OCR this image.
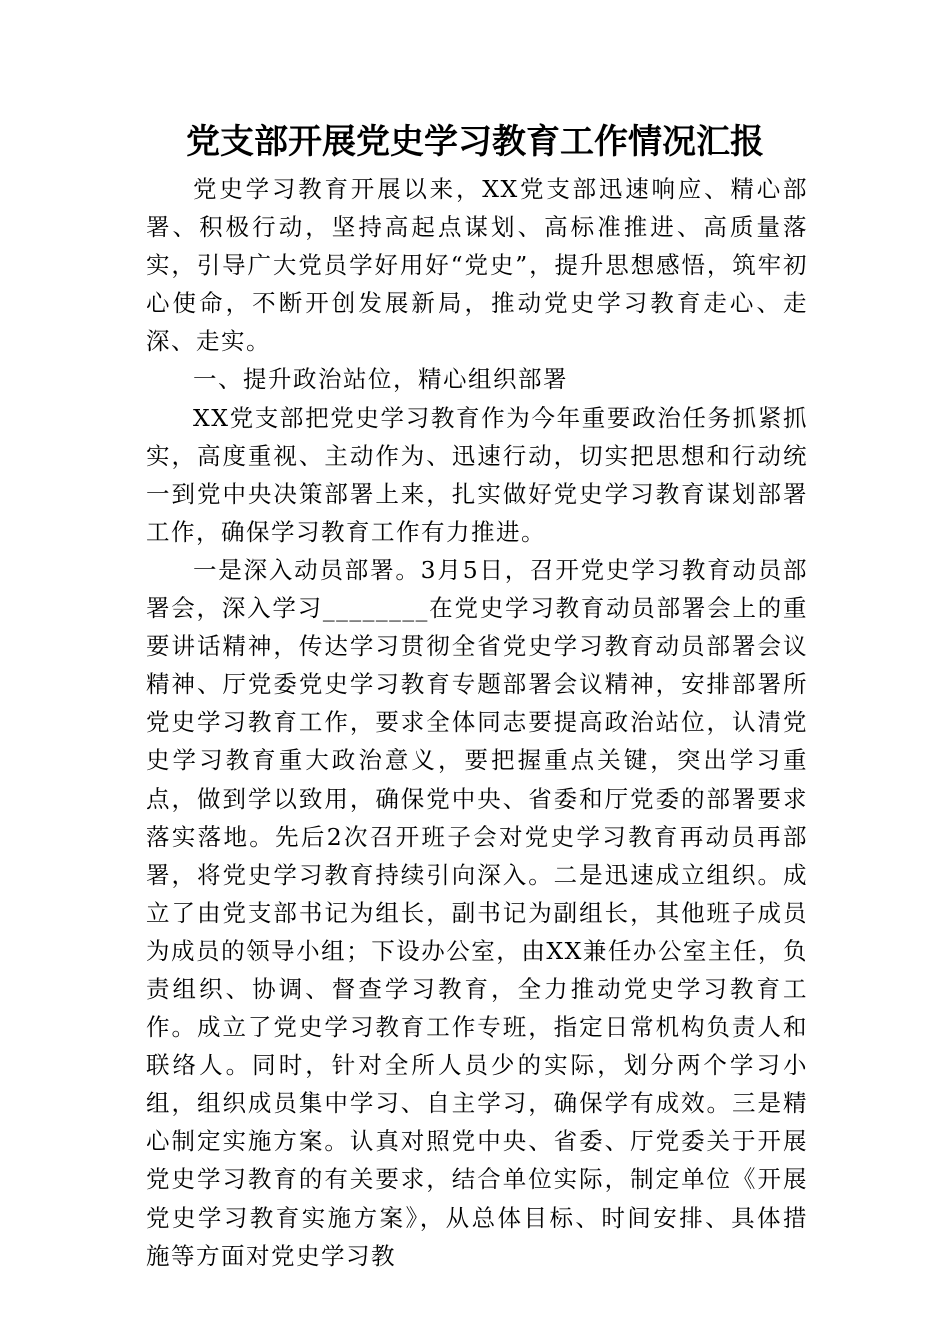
党支部开展党史学习教育工作情况汇报

党史学习教育开展以来，XX党支部迅速响应、精心部署、积极行动，坚持高起点谋划、高标准推进、高质量落实，引导广大党员学好用好“党史”，提升思想感悟，筑牢初心使命，不断开创发展新局，推动党史学习教育走心、走深、走实。

一、提升政治站位，精心组织部署

XX党支部把党史学习教育作为今年重要政治任务抓紧抓实，高度重视、主动作为、迅速行动，切实把思想和行动统一到党中央决策部署上来，扎实做好党史学习教育谋划部署工作，确保学习教育工作有力推进。

一是深入动员部署。3月5日，召开党史学习教育动员部署会，深入学习________在党史学习教育动员部署会上的重要讲话精神，传达学习贯彻全省党史学习教育动员部署会议精神、厅党委党史学习教育专题部署会议精神，安排部署所党史学习教育工作，要求全体同志要提高政治站位，认清党史学习教育重大政治意义，要把握重点关键，突出学习重点，做到学以致用，确保党中央、省委和厅党委的部署要求落实落地。先后2次召开班子会对党史学习教育再动员再部署，将党史学习教育持续引向深入。二是迅速成立组织。成立了由党支部书记为组长，副书记为副组长，其他班子成员为成员的领导小组；下设办公室，由XX兼任办公室主任，负责组织、协调、督查学习教育，全力推动党史学习教育工作。成立了党史学习教育工作专班，指定日常机构负责人和联络人。同时，针对全所人员少的实际，划分两个学习小组，组织成员集中学习、自主学习，确保学有成效。三是精心制定实施方案。认真对照党中央、省委、厅党委关于开展党史学习教育的有关要求，结合单位实际，制定单位《开展党史学习教育实施方案》，从总体目标、时间安排、具体措施等方面对党史学习教
